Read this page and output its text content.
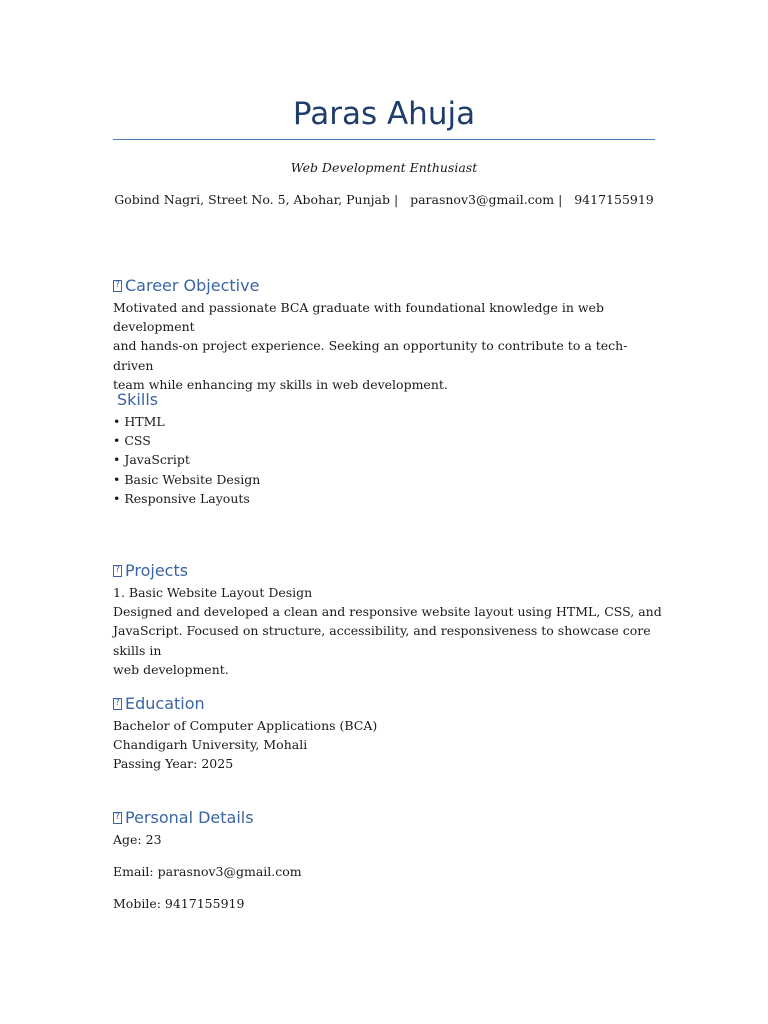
Paras Ahuja
Web Development Enthusiast
Gobind Nagri, Street No. 5, Abohar, Punjab |   parasnov3@gmail.com |   9417155919
?
Career Objective

Motivated and passionate BCA graduate with foundational knowledge in web development

and hands-on project experience. Seeking an opportunity to contribute to a tech-driven

team while enhancing my skills in web development.

Skills

• HTML

• CSS

• JavaScript

• Basic Website Design

• Responsive Layouts

?
Projects

1. Basic Website Layout Design

Designed and developed a clean and responsive website layout using HTML, CSS, and

JavaScript. Focused on structure, accessibility, and responsiveness to showcase core skills in

web development.

?
Education

Bachelor of Computer Applications (BCA)

Chandigarh University, Mohali

Passing Year: 2025

?
Personal Details

Age: 23

Email: parasnov3@gmail.com

Mobile: 9417155919
